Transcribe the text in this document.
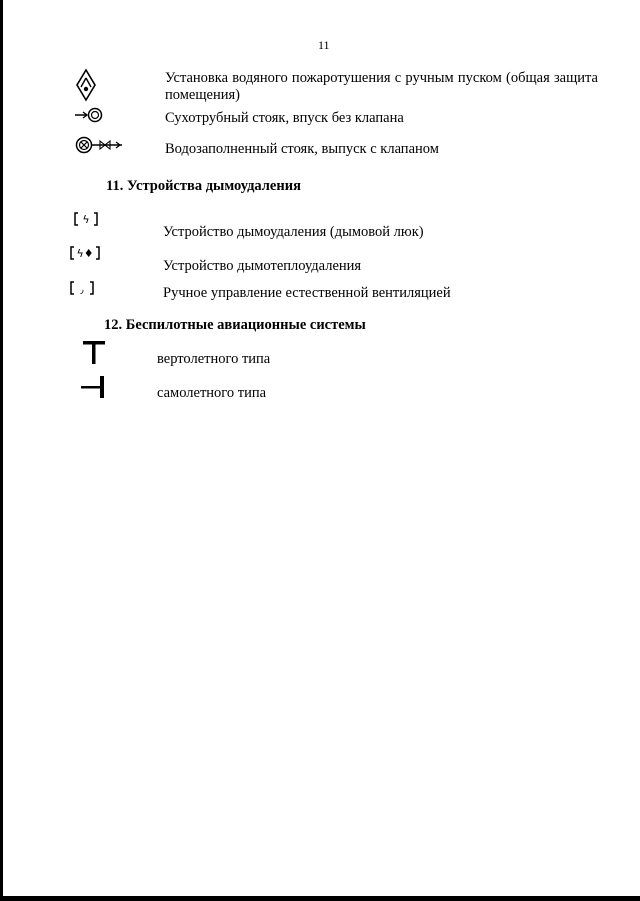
11
Установка водяного пожаротушения с ручным пуском (общая защита помещения)
Сухотрубный стояк, впуск без клапана
Водозаполненный стояк, выпуск с клапаном
11. Устройства дымоудаления
ϟ
Устройство дымоудаления (дымовой люк)
ϟ♦
Устройство дымотеплоудаления
٫	Ручное управление естественной вентиляцией
12. Беспилотные авиационные системы
вертолетного типа
самолетного типа
